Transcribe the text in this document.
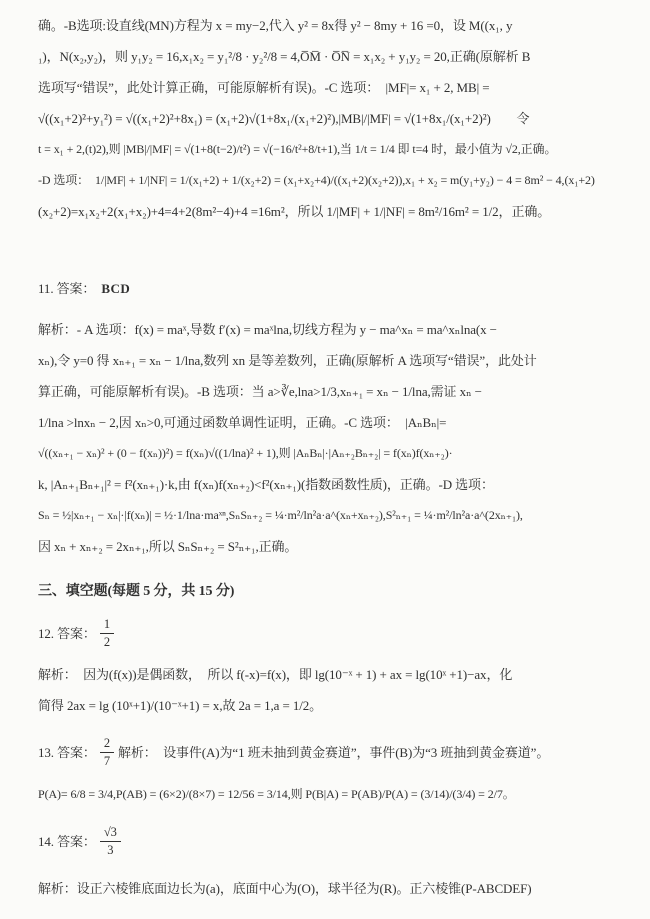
确。-B选项:设直线(MN)方程为 x = my−2,代入 y² = 8x得 y² − 8my + 16 =0，设 M((x₁, y
₁)，N(x₂,y₂)，则 y₁y₂ = 16,x₁x₂ = y₁²/8 · y₂²/8 = 4,O̅M̅ · O̅N̅ = x₁x₂ + y₁y₂ = 20,正确(原解析 B
选项写“错误”，此处计算正确，可能原解析有误)。-C 选项：　|MF|= x₁ + 2, MB| =
√((x₁+2)²+y₁²) = √((x₁+2)²+8x₁) = (x₁+2)√(1+8x₁/(x₁+2)²),|MB|/|MF| = √(1+8x₁/(x₁+2)²)　　令
t = x₁ + 2,(t)2),则 |MB|/|MF| = √(1+8(t−2)/t²) = √(−16/t²+8/t+1),当 1/t = 1/4 即 t=4 时，最小值为 √2,正确。
-D 选项：　1/|MF| + 1/|NF| = 1/(x₁+2) + 1/(x₂+2) = (x₁+x₂+4)/((x₁+2)(x₂+2)),x₁ + x₂ = m(y₁+y₂) − 4 = 8m² − 4,(x₁+2)
(x₂+2)=x₁x₂+2(x₁+x₂)+4=4+2(8m²−4)+4 =16m²，所以 1/|MF| + 1/|NF| = 8m²/16m² = 1/2，正确。
11. 答案： BCD
解析：- A 选项：f(x) = maˣ,导数 f′(x) = maˣlna,切线方程为 y − ma^xₙ = ma^xₙlna(x −
xₙ),令 y=0 得 xₙ₊₁ = xₙ − 1/lna,数列 xn 是等差数列，正确(原解析 A 选项写“错误”，此处计
算正确，可能原解析有误)。-B 选项：当 a>∛e,lna>1/3,xₙ₊₁ = xₙ − 1/lna,需证 xₙ −
1/lna >lnxₙ − 2,因 xₙ>0,可通过函数单调性证明，正确。-C 选项：　|AₙBₙ|=
√((xₙ₊₁ − xₙ)² + (0 − f(xₙ))²) = f(xₙ)√((1/lna)² + 1),则 |AₙBₙ|·|Aₙ₊₂Bₙ₊₂| = f(xₙ)f(xₙ₊₂)·
k, |Aₙ₊₁Bₙ₊₁|² = f²(xₙ₊₁)·k,由 f(xₙ)f(xₙ₊₂)<f²(xₙ₊₁)(指数函数性质)，正确。-D 选项：
Sₙ = ½|xₙ₊₁ − xₙ|·|f(xₙ)| = ½·1/lna·maˣⁿ,SₙSₙ₊₂ = ¼·m²/ln²a·a^(xₙ+xₙ₊₂),S²ₙ₊₁ = ¼·m²/ln²a·a^(2xₙ₊₁),
因 xₙ + xₙ₊₂ = 2xₙ₊₁,所以 SₙSₙ₊₂ = S²ₙ₊₁,正确。
三、填空题(每题 5 分，共 15 分)
12. 答案： $\frac{1}{2}$
解析：　因为(f(x))是偶函数，　所以 f(-x)=f(x)，即 lg(10⁻ˣ + 1) + ax = lg(10ˣ +1)−ax，化
简得 2ax = lg (10ˣ+1)/(10⁻ˣ+1) = x,故 2a = 1,a = 1/2。
13. 答案： $\frac{2}{7}$ 解析：　设事件(A)为“1 班未抽到黄金赛道”，事件(B)为“3 班抽到黄金赛道”。
P(A)= 6/8 = 3/4,P(AB) = (6×2)/(8×7) = 12/56 = 3/14,则 P(B|A) = P(AB)/P(A) = (3/14)/(3/4) = 2/7。
14. 答案： $\frac{√3}{3}$
解析：设正六棱锥底面边长为(a)，底面中心为(O)，球半径为(R)。正六棱锥(P-ABCDEF)
